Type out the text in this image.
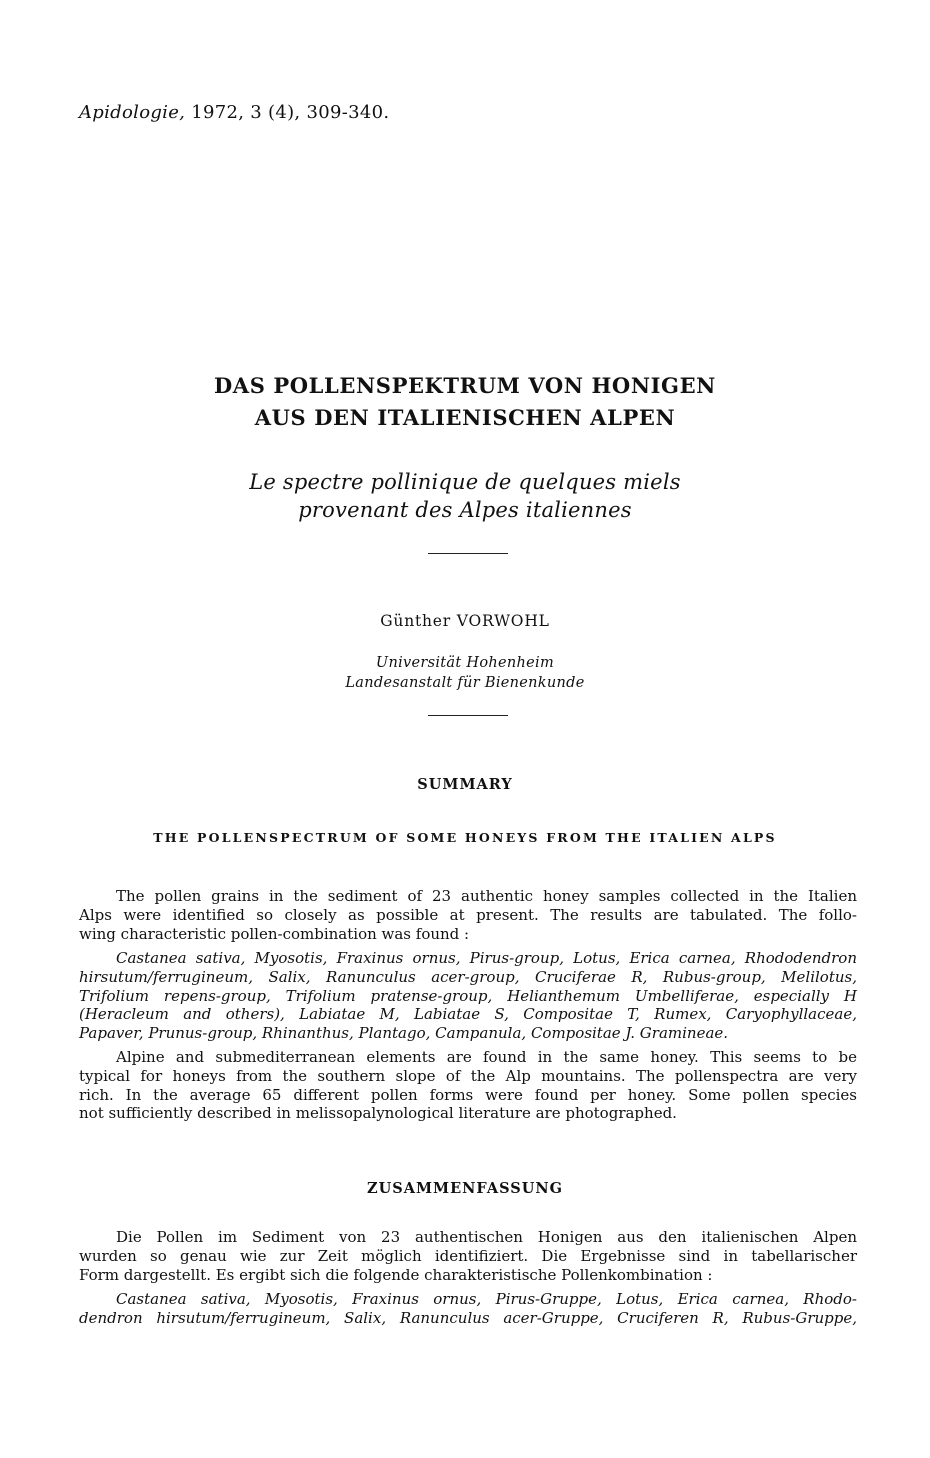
Apidologie, 1972, 3 (4), 309-340.
DAS POLLENSPEKTRUM VON HONIGEN
AUS DEN ITALIENISCHEN ALPEN
Le spectre pollinique de quelques miels
provenant des Alpes italiennes
Günther VORWOHL
Universität Hohenheim
Landesanstalt für Bienenkunde
SUMMARY
THE POLLENSPECTRUM OF SOME HONEYS FROM THE ITALIEN ALPS
The pollen grains in the sediment of 23 authentic honey samples collected in the Italien
Alps were identified so closely as possible at present. The results are tabulated. The follo-
wing characteristic pollen-combination was found :
Castanea sativa, Myosotis, Fraxinus ornus, Pirus-group, Lotus, Erica carnea, Rhododendron
hirsutum/ferrugineum, Salix, Ranunculus acer-group, Cruciferae R, Rubus-group, Melilotus,
Trifolium repens-group, Trifolium pratense-group, Helianthemum Umbelliferae, especially H
(Heracleum and others), Labiatae M, Labiatae S, Compositae T, Rumex, Caryophyllaceae,
Papaver, Prunus-group, Rhinanthus, Plantago, Campanula, Compositae J. Gramineae.
Alpine and submediterranean elements are found in the same honey. This seems to be
typical for honeys from the southern slope of the Alp mountains. The pollenspectra are very
rich. In the average 65 different pollen forms were found per honey. Some pollen species
not sufficiently described in melissopalynological literature are photographed.
ZUSAMMENFASSUNG
Die Pollen im Sediment von 23 authentischen Honigen aus den italienischen Alpen
wurden so genau wie zur Zeit möglich identifiziert. Die Ergebnisse sind in tabellarischer
Form dargestellt. Es ergibt sich die folgende charakteristische Pollenkombination :
Castanea sativa, Myosotis, Fraxinus ornus, Pirus-Gruppe, Lotus, Erica carnea, Rhodo-
dendron hirsutum/ferrugineum, Salix, Ranunculus acer-Gruppe, Cruciferen R, Rubus-Gruppe,
